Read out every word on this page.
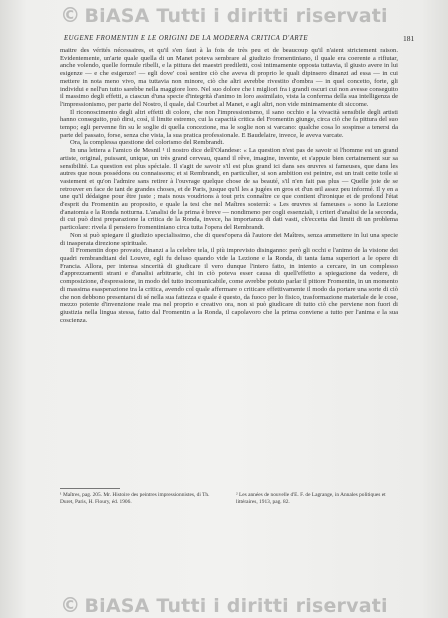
© BiASA Tutti i diritti riservati
EUGENE FROMENTIN E LE ORIGINI DE LA MODERNA CRITICA D'ARTE	181

maitre des vérités nécessaires, et qu'il s'en faut à la fois de très peu et de beaucoup qu'il n'aient strictement raison. Evidentemente, un'arte quale quella di un Manet poteva sembrare al giudizio fromentiniano, il quale era coerente a rifiutar, anche volendo, quelle formule ribelli, e la pittura dei maestri prediletti, così intimamente opposta tuttavia, il giusto avere in lui esigenze — e che esigenze! — egli dove' così sentire ciò che aveva di proprio le quali dipinsero dinanzi ad essa — in cui mettere in nota meno vivo, ma tuttavia non minore, ciò che altri avrebbe rivestito d'ombra — in quel concetto, forte, gli individui e nell'un tutto sarebbe nella maggiore loro. Nel suo dolore che i migliori fra i grandi oscuri cui non avesse conseguito il massimo degli effetti, a ciascun d'una specie d'integrità d'animo in loro assimilato, vista la conferma della sua intelligenza de l'impressionismo, per parte del Nostro, il quale, dal Courbet al Manet, e agli altri, non vide minimamente di siccome.

Il riconoscimento degli altri effetti di colore, che non l'impressionismo, il sano occhio e la vivacità sensibile degli artisti hanno conseguito, può dirsi, così, il limite estremo, cui la capacità critica del Fromentin giunge, circa ciò che fa pittura del suo tempo; egli pervenne fin su le soglie di quella concezione, ma le soglie non si varcano: qualche cosa lo sospinse a tenersi da parte del passato, forse, senza che vista, la sua pratica professionale. E Baudelaire, invece, le aveva varcate.

Ora, la complessa questione del colorismo del Rembrandt.

In una lettera a l'amico de Mesnil ¹ il nostro dice dell'Olandese: « La question n'est pas de savoir si l'homme est un grand artiste, original, puissant, unique, un très grand cerveau, quand il rêve, imagine, invente, et s'appuie bien certainement sur sa sensibilité. La question est plus spéciale. Il s'agit de savoir s'il est plus grand ici dans ses œuvres si fameuses, que dans les autres que nous possédons ou connaissons; et si Rembrandt, en particulier, si son ambition est peintre, est un trait cette toile si vastement et qu'on l'admire sans retirer à l'ouvrage quelque chose de sa beauté, s'il n'en fait pas plus — Quelle joie de se retrouver en face de tant de grandes choses, et de Paris, jusque qu'il les a jugées en gros et d'un œil assez peu informé. Il y en a une qu'il dédaigne pour être juste ; mais nous voudrions à tout prix connaître ce que contient d'ironique et de profond l'état d'esprit du Fromentin au proposito, e quale la tesi che nel Maîtres sosterrà: « Les œuvres si fameuses » sono la Lezione d'anatomia e la Ronda notturna. L'analisi de la prima è breve — nondimeno per cogli essenziali, i criteri d'analisi de la seconda, di cui può dirsi preparazione la critica de la Ronda, invece, ha importanza di dati vasti, ch'eccetta dai limiti di un problema particolare: rivela il pensiero fromentiniano circa tutta l'opera del Rembrandt.

Non si può spiegare il giudizio specialissimo, che di quest'opera dà l'autore dei Maîtres, senza ammettere in lui una specie di inasperata direzione spirituale.

Il Fromentin dopo provato, dinanzi a la celebre tela, il più imprevisto disinganno: però gli occhi e l'animo de la visione dei quadri rembrandtiani del Louvre, egli fu deluso quando vide la Lezione e la Ronda, di tanta fama superiori a le opere di Francia. Allora, per intensa sincerità di giudicare il vero dunque l'intero fatto, in intento a cercare, in un complesso d'apprezzamenti strani e d'analisi arbitrarie, chi in ciò poteva esser causa di quell'effetto a spiegazione da vedere, di composizione, d'espressione, in modo del tutto incomunicabile, come avrebbe potuto parlar il pittore Fromentin, in un momento di massima esasperazione tra la critica, avendo col quale affermare o criticare effettivamente il modo da portare una sorte di ciò che non debbono presentarsi di sé nella sua fattezza e quale è questo, da fuoco per lo fisico, trasformazione materiale de le cose, mezzo potente d'invenzione reale ma nel proprio e creativo ora, non si può giudicare di tutto ciò che perviene non fuori di giustizia nella lingua stessa, fatto dal Fromentin a la Ronda, il capolavoro che la prima conviene a tutto per l'anima e la sua coscienza.

¹ Maîtres, pag. 205. Mr. Histoire des peintres impressionnistes, di Th. Duret, Paris, H. Floury, éd. 1906.
² Les années de nouvelle d'E. F. de Lagrange, in Annales politiques et littéraires, 1913, pag. 82.
© BiASA Tutti i diritti riservati
